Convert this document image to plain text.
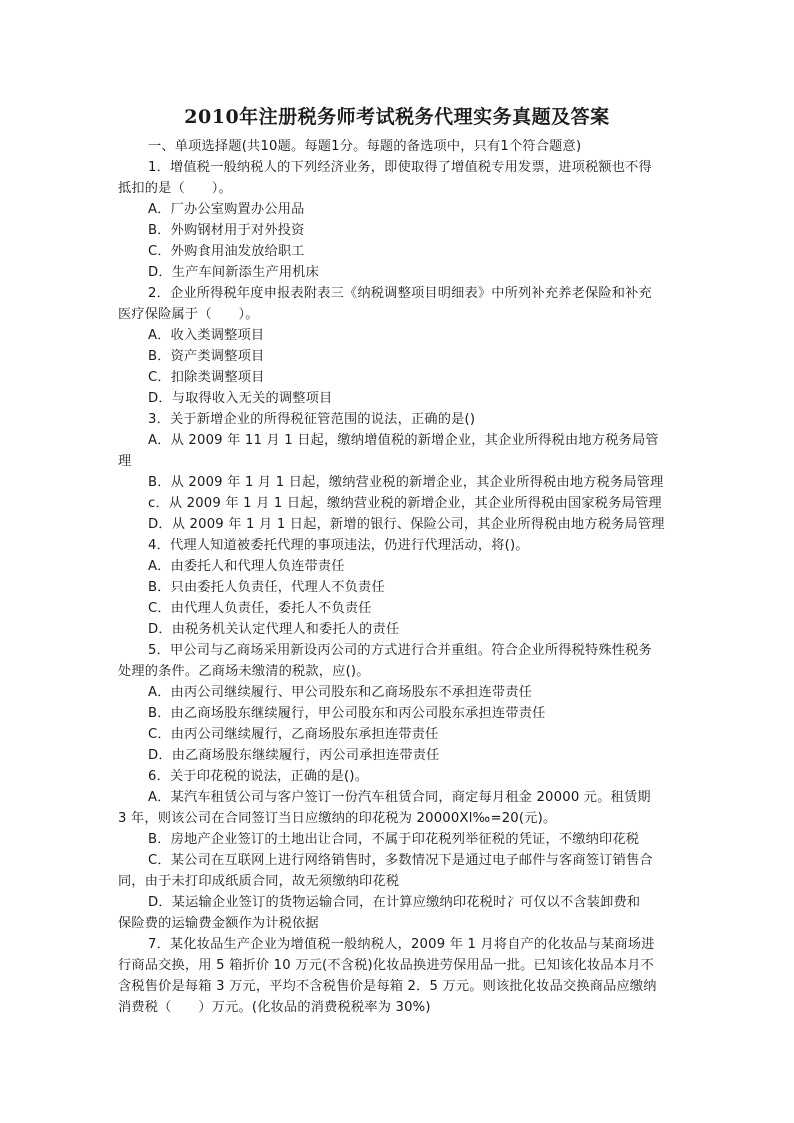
2010年注册税务师考试税务代理实务真题及答案
一、单项选择题(共10题。每题1分。每题的备选项中，只有1个符合题意)
1．增值税一般纳税人的下列经济业务，即使取得了增值税专用发票，进项税额也不得
抵扣的是（　　）。
A．厂办公室购置办公用品
B．外购钢材用于对外投资
C．外购食用油发放给职工
D．生产车间新添生产用机床
2．企业所得税年度申报表附表三《纳税调整项目明细表》中所列补充养老保险和补充
医疗保险属于（　　）。
A．收入类调整项目
B．资产类调整项目
C．扣除类调整项目
D．与取得收入无关的调整项目
3．关于新增企业的所得税征管范围的说法，正确的是()
A．从 2009 年 11 月 1 日起，缴纳增值税的新增企业，其企业所得税由地方税务局管
理
B．从 2009 年 1 月 1 日起，缴纳营业税的新增企业，其企业所得税由地方税务局管理
c．从 2009 年 1 月 1 日起，缴纳营业税的新增企业，其企业所得税由国家税务局管理
D．从 2009 年 1 月 1 日起，新增的银行、保险公司，其企业所得税由地方税务局管理
4．代理人知道被委托代理的事项违法，仍进行代理活动，将()。
A．由委托人和代理人负连带责任
B．只由委托人负责任，代理人不负责任
C．由代理人负责任，委托人不负责任
D．由税务机关认定代理人和委托人的责任
5．甲公司与乙商场采用新设丙公司的方式进行合并重组。符合企业所得税特殊性税务
处理的条件。乙商场未缴清的税款，应()。
A．由丙公司继续履行、甲公司股东和乙商场股东不承担连带责任
B．由乙商场股东继续履行，甲公司股东和丙公司股东承担连带责任
C．由丙公司继续履行，乙商场股东承担连带责任
D．由乙商场股东继续履行，丙公司承担连带责任
6．关于印花税的说法，正确的是()。
A．某汽车租赁公司与客户签订一份汽车租赁合同，商定每月租金 20000 元。租赁期
3 年，则该公司在合同签订当日应缴纳的印花税为 20000Xl‰=20(元)。
B．房地产企业签订的土地出让合同，不属于印花税列举征税的凭证，不缴纳印花税
C．某公司在互联网上进行网络销售时，多数情况下是通过电子邮件与客商签订销售合
同，由于未打印成纸质合同，故无须缴纳印花税
D．某运输企业签订的货物运输合同，在计算应缴纳印花税时冫可仅以不含装卸费和
保险费的运输费金额作为计税依据
7．某化妆品生产企业为增值税一般纳税人，2009 年 1 月将自产的化妆品与某商场进
行商品交换，用 5 箱折价 10 万元(不含税)化妆品换进劳保用品一批。已知该化妆品本月不
含税售价是每箱 3 万元，平均不含税售价是每箱 2．5 万元。则该批化妆品交换商品应缴纳
消费税（　　）万元。(化妆品的消费税税率为 30%)
